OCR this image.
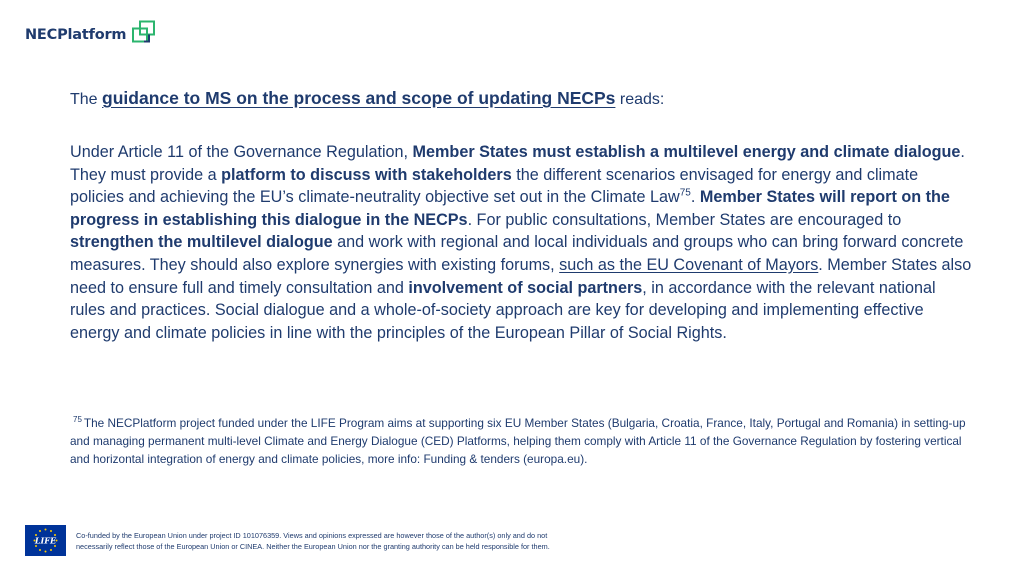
NECPlatform
The guidance to MS on the process and scope of updating NECPs reads:
Under Article 11 of the Governance Regulation, Member States must establish a multilevel energy and climate dialogue. They must provide a platform to discuss with stakeholders the different scenarios envisaged for energy and climate policies and achieving the EU’s climate-neutrality objective set out in the Climate Law$^{75}$. Member States will report on the progress in establishing this dialogue in the NECPs. For public consultations, Member States are encouraged to strengthen the multilevel dialogue and work with regional and local individuals and groups who can bring forward concrete measures. They should also explore synergies with existing forums, such as the EU Covenant of Mayors. Member States also need to ensure full and timely consultation and involvement of social partners, in accordance with the relevant national rules and practices. Social dialogue and a whole-of-society approach are key for developing and implementing effective energy and climate policies in line with the principles of the European Pillar of Social Rights.
$^{75}$ The NECPlatform project funded under the LIFE Program aims at supporting six EU Member States (Bulgaria, Croatia, France, Italy, Portugal and Romania) in setting-up and managing permanent multi-level Climate and Energy Dialogue (CED) Platforms, helping them comply with Article 11 of the Governance Regulation by fostering vertical and horizontal integration of energy and climate policies, more info: Funding & tenders (europa.eu).
LIFE
Co-funded by the European Union under project ID 101076359. Views and opinions expressed are however those of the author(s) only and do not
necessarily reflect those of the European Union or CINEA. Neither the European Union nor the granting authority can be held responsible for them.
